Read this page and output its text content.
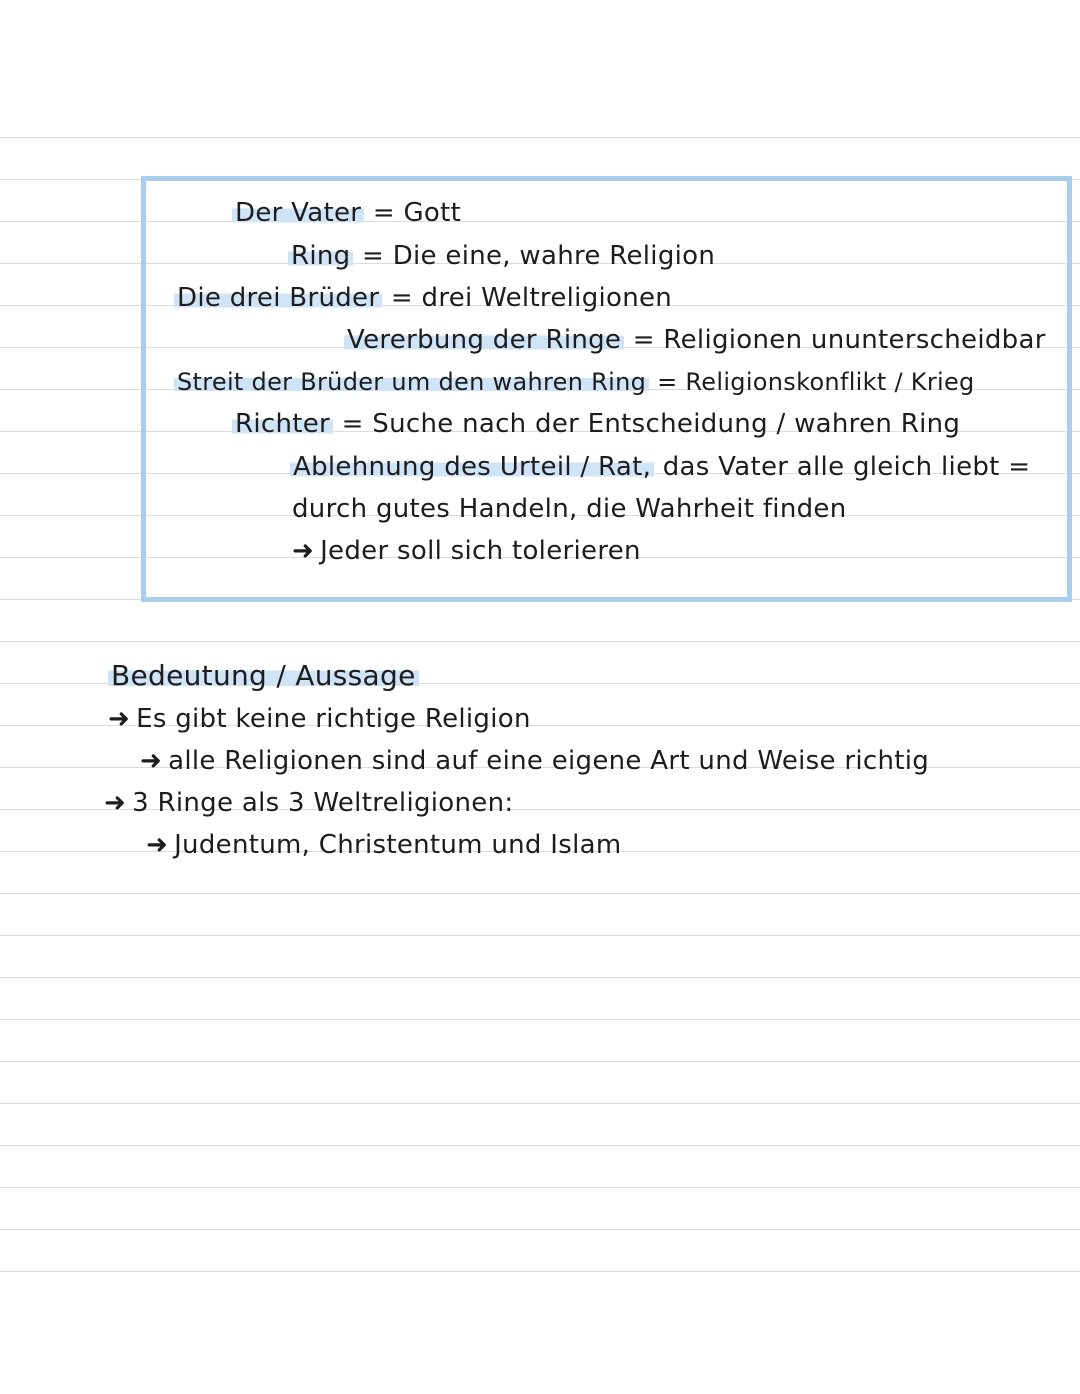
Der Vater = Gott
Ring = Die eine, wahre Religion
Die drei Brüder = drei Weltreligionen
Vererbung der Ringe = Religionen ununterscheidbar
Streit der Brüder um den wahren Ring = Religionskonflikt / Krieg
Richter = Suche nach der Entscheidung / wahren Ring
Ablehnung des Urteil / Rat, das Vater alle gleich liebt =
durch gutes Handeln, die Wahrheit finden
➜ Jeder soll sich tolerieren
Bedeutung / Aussage
➜ Es gibt keine richtige Religion
➜ alle Religionen sind auf eine eigene Art und Weise richtig
➜ 3 Ringe als 3 Weltreligionen:
➜ Judentum, Christentum und Islam
